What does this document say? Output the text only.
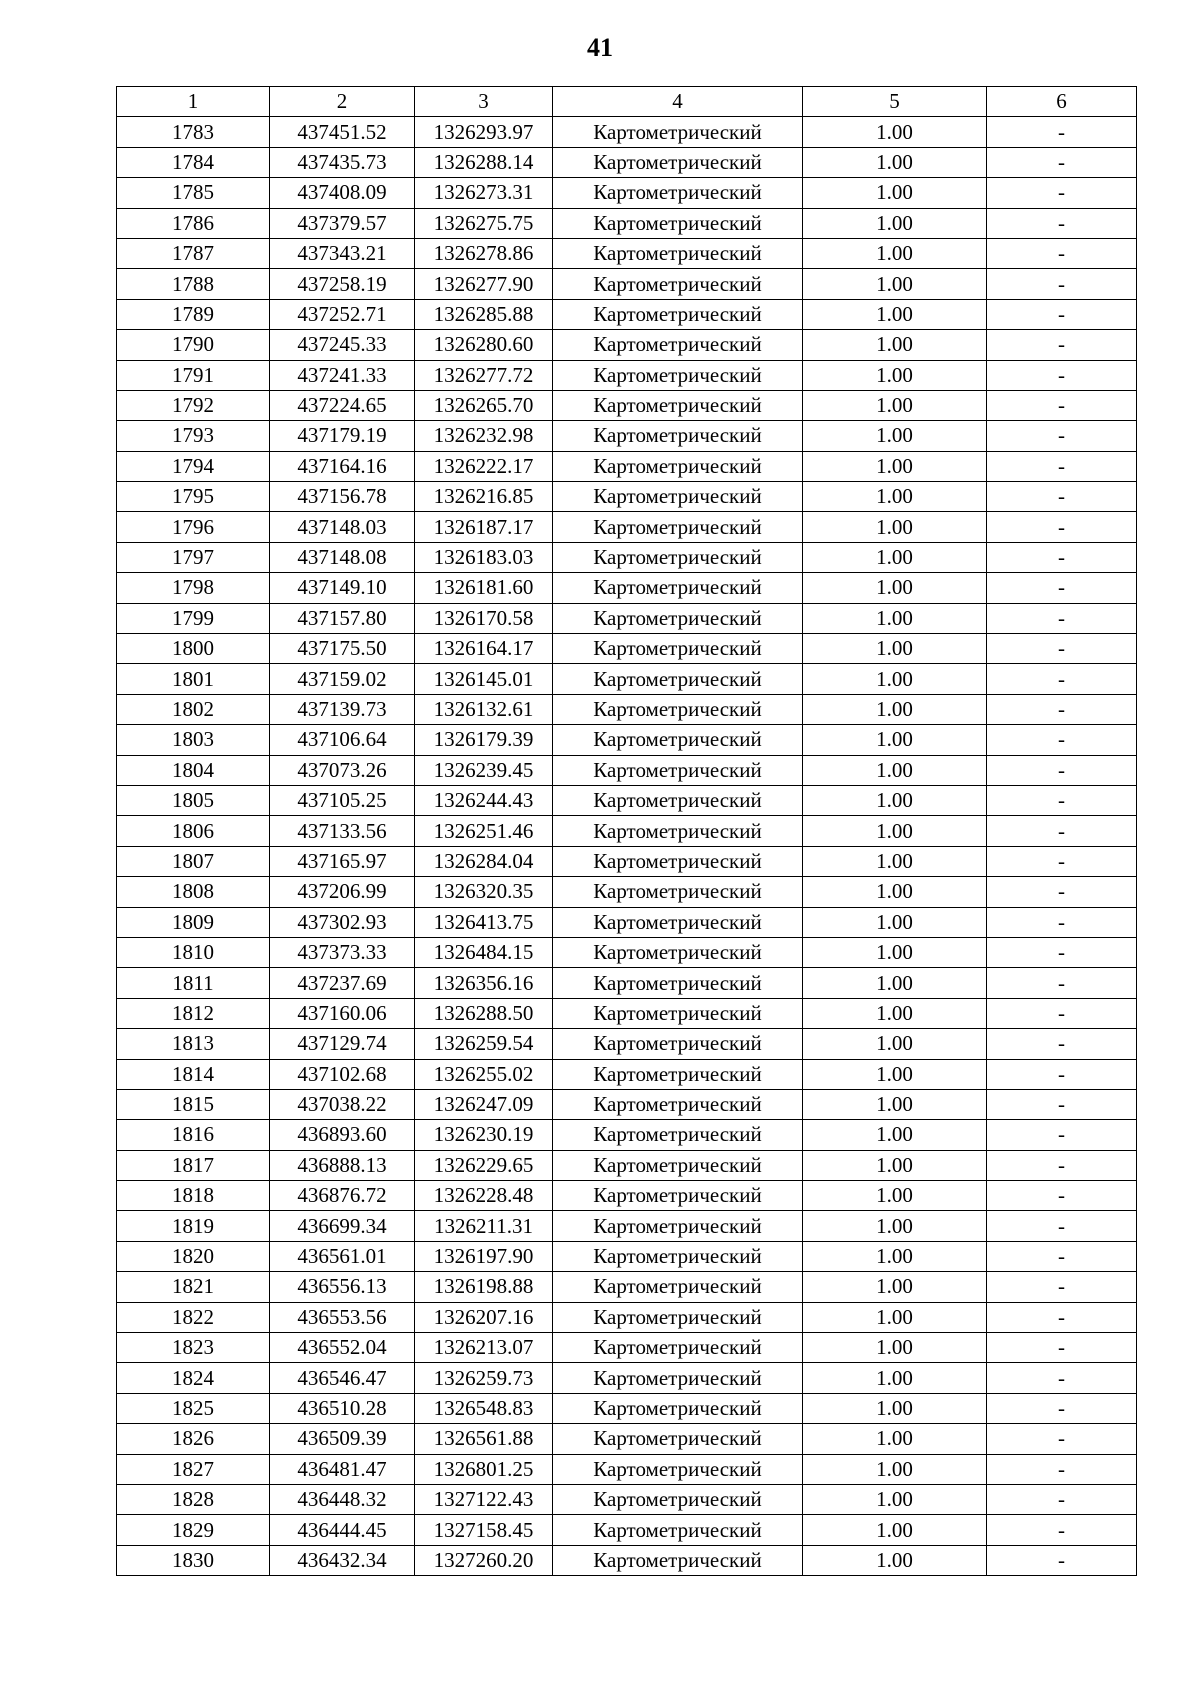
41
1	2	3	4	5	6
1783	437451.52	1326293.97	Картометрический	1.00	-
1784	437435.73	1326288.14	Картометрический	1.00	-
1785	437408.09	1326273.31	Картометрический	1.00	-
1786	437379.57	1326275.75	Картометрический	1.00	-
1787	437343.21	1326278.86	Картометрический	1.00	-
1788	437258.19	1326277.90	Картометрический	1.00	-
1789	437252.71	1326285.88	Картометрический	1.00	-
1790	437245.33	1326280.60	Картометрический	1.00	-
1791	437241.33	1326277.72	Картометрический	1.00	-
1792	437224.65	1326265.70	Картометрический	1.00	-
1793	437179.19	1326232.98	Картометрический	1.00	-
1794	437164.16	1326222.17	Картометрический	1.00	-
1795	437156.78	1326216.85	Картометрический	1.00	-
1796	437148.03	1326187.17	Картометрический	1.00	-
1797	437148.08	1326183.03	Картометрический	1.00	-
1798	437149.10	1326181.60	Картометрический	1.00	-
1799	437157.80	1326170.58	Картометрический	1.00	-
1800	437175.50	1326164.17	Картометрический	1.00	-
1801	437159.02	1326145.01	Картометрический	1.00	-
1802	437139.73	1326132.61	Картометрический	1.00	-
1803	437106.64	1326179.39	Картометрический	1.00	-
1804	437073.26	1326239.45	Картометрический	1.00	-
1805	437105.25	1326244.43	Картометрический	1.00	-
1806	437133.56	1326251.46	Картометрический	1.00	-
1807	437165.97	1326284.04	Картометрический	1.00	-
1808	437206.99	1326320.35	Картометрический	1.00	-
1809	437302.93	1326413.75	Картометрический	1.00	-
1810	437373.33	1326484.15	Картометрический	1.00	-
1811	437237.69	1326356.16	Картометрический	1.00	-
1812	437160.06	1326288.50	Картометрический	1.00	-
1813	437129.74	1326259.54	Картометрический	1.00	-
1814	437102.68	1326255.02	Картометрический	1.00	-
1815	437038.22	1326247.09	Картометрический	1.00	-
1816	436893.60	1326230.19	Картометрический	1.00	-
1817	436888.13	1326229.65	Картометрический	1.00	-
1818	436876.72	1326228.48	Картометрический	1.00	-
1819	436699.34	1326211.31	Картометрический	1.00	-
1820	436561.01	1326197.90	Картометрический	1.00	-
1821	436556.13	1326198.88	Картометрический	1.00	-
1822	436553.56	1326207.16	Картометрический	1.00	-
1823	436552.04	1326213.07	Картометрический	1.00	-
1824	436546.47	1326259.73	Картометрический	1.00	-
1825	436510.28	1326548.83	Картометрический	1.00	-
1826	436509.39	1326561.88	Картометрический	1.00	-
1827	436481.47	1326801.25	Картометрический	1.00	-
1828	436448.32	1327122.43	Картометрический	1.00	-
1829	436444.45	1327158.45	Картометрический	1.00	-
1830	436432.34	1327260.20	Картометрический	1.00	-
